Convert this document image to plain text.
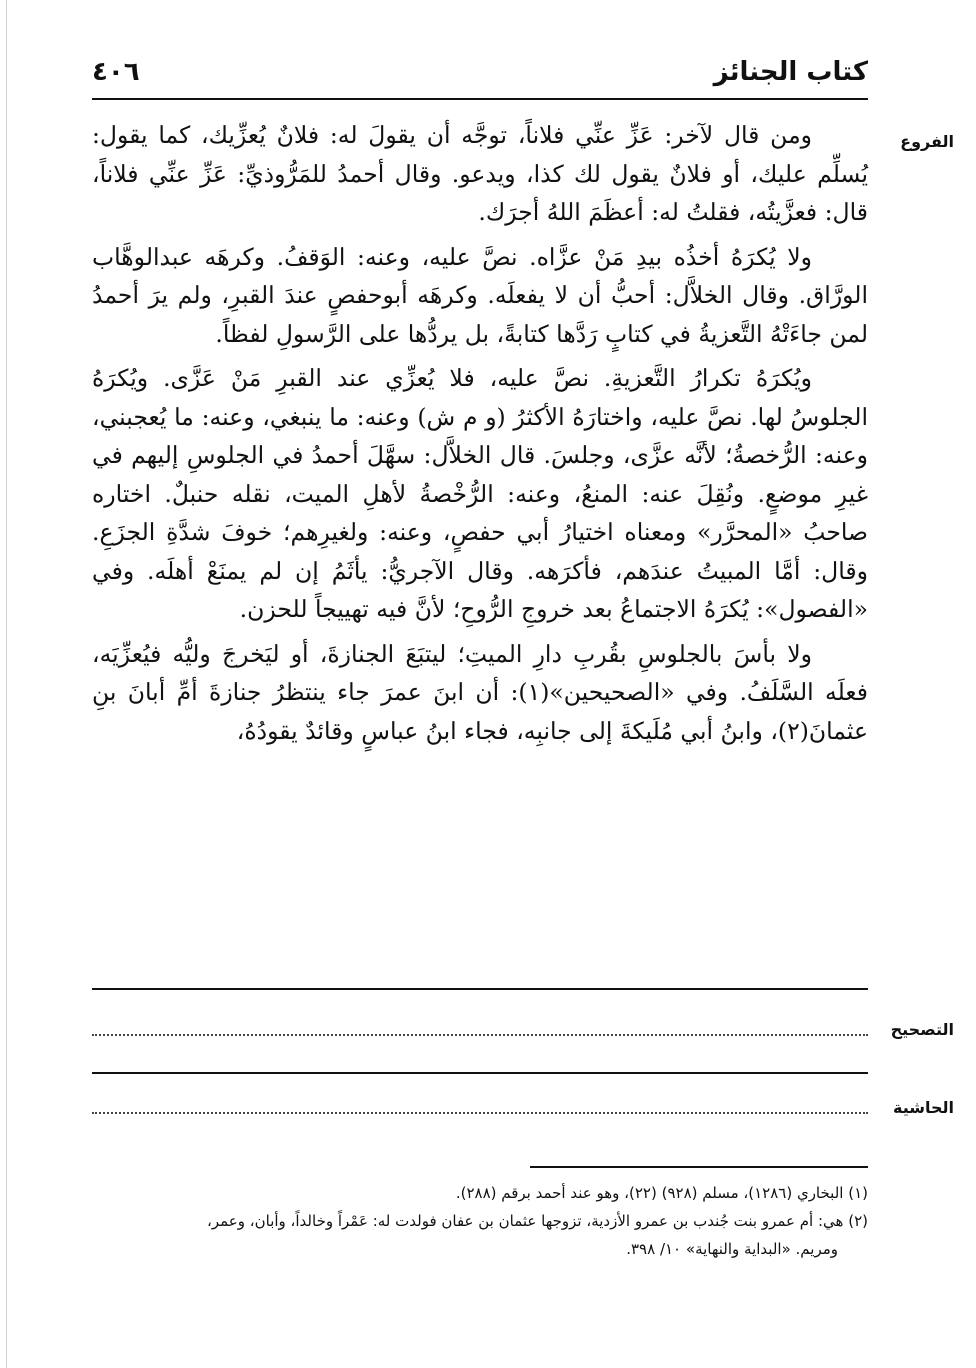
كتاب الجنائز
٤٠٦
الفروع

ومن قال لآخر: عَزِّ عنِّي فلاناً، توجَّه أن يقولَ له: فلانٌ يُعزِّيك، كما يقول: يُسلِّم عليك، أو فلانٌ يقول لك كذا، ويدعو. وقال أحمدُ للمَرُّوذيِّ: عَزِّ عنِّي فلاناً، قال: فعزَّيتُه، فقلتُ له: أعظَمَ اللهُ أجرَك.

ولا يُكرَهُ أخذُه بيدِ مَنْ عزَّاه. نصَّ عليه، وعنه: الوَقفُ. وكرهَه عبدالوهَّاب الورَّاق. وقال الخلاَّل: أحبُّ أن لا يفعلَه. وكرهَه أبوحفصٍ عندَ القبرِ، ولم يرَ أحمدُ لمن جاءَتْهُ التَّعزيةُ في كتابٍ رَدَّها كتابةً، بل يردُّها على الرَّسولِ لفظاً.

ويُكرَهُ تكرارُ التَّعزيةِ. نصَّ عليه، فلا يُعزِّي عند القبرِ مَنْ عَزَّى. ويُكرَهُ الجلوسُ لها. نصَّ عليه، واختارَهُ الأكثرُ (و م ش) وعنه: ما ينبغي، وعنه: ما يُعجبني، وعنه: الرُّخصةُ؛ لأنَّه عزَّى، وجلسَ. قال الخلاَّل: سهَّلَ أحمدُ في الجلوسِ إليهم في غيرِ موضعٍ. ونُقِلَ عنه: المنعُ، وعنه: الرُّخْصةُ لأهلِ الميت، نقله حنبلٌ. اختاره صاحبُ «المحرَّر» ومعناه اختيارُ أبي حفصٍ، وعنه: ولغيرِهم؛ خوفَ شدَّةِ الجزَعِ. وقال: أمَّا المبيتُ عندَهم، فأكرَهه. وقال الآجريُّ: يأثَمُ إن لم يمنَعْ أهلَه. وفي «الفصول»: يُكرَهُ الاجتماعُ بعد خروجِ الرُّوحِ؛ لأنَّ فيه تهييجاً للحزن.

ولا بأسَ بالجلوسِ بقُربِ دارِ الميتِ؛ ليتبَعَ الجنازةَ، أو ليَخرجَ وليُّه فيُعزِّيَه، فعلَه السَّلَفُ. وفي «الصحيحين»(١): أن ابنَ عمرَ جاء ينتظرُ جنازةَ أمِّ أبانَ بنِ عثمانَ(٢)، وابنُ أبي مُلَيكةَ إلى جانبِه، فجاء ابنُ عباسٍ وقائدٌ يقودُهُ،

التصحيح
الحاشية

(١) البخاري (١٢٨٦)، مسلم (٩٢٨) (٢٢)، وهو عند أحمد برقم (٢٨٨).

(٢) هي: أم عمرو بنت جُندب بن عمرو الأزدية، تزوجها عثمان بن عفان فولدت له: عَمْراً وخالداً، وأبان، وعمر،

ومريم. «البداية والنهاية» ١٠/ ٣٩٨.
